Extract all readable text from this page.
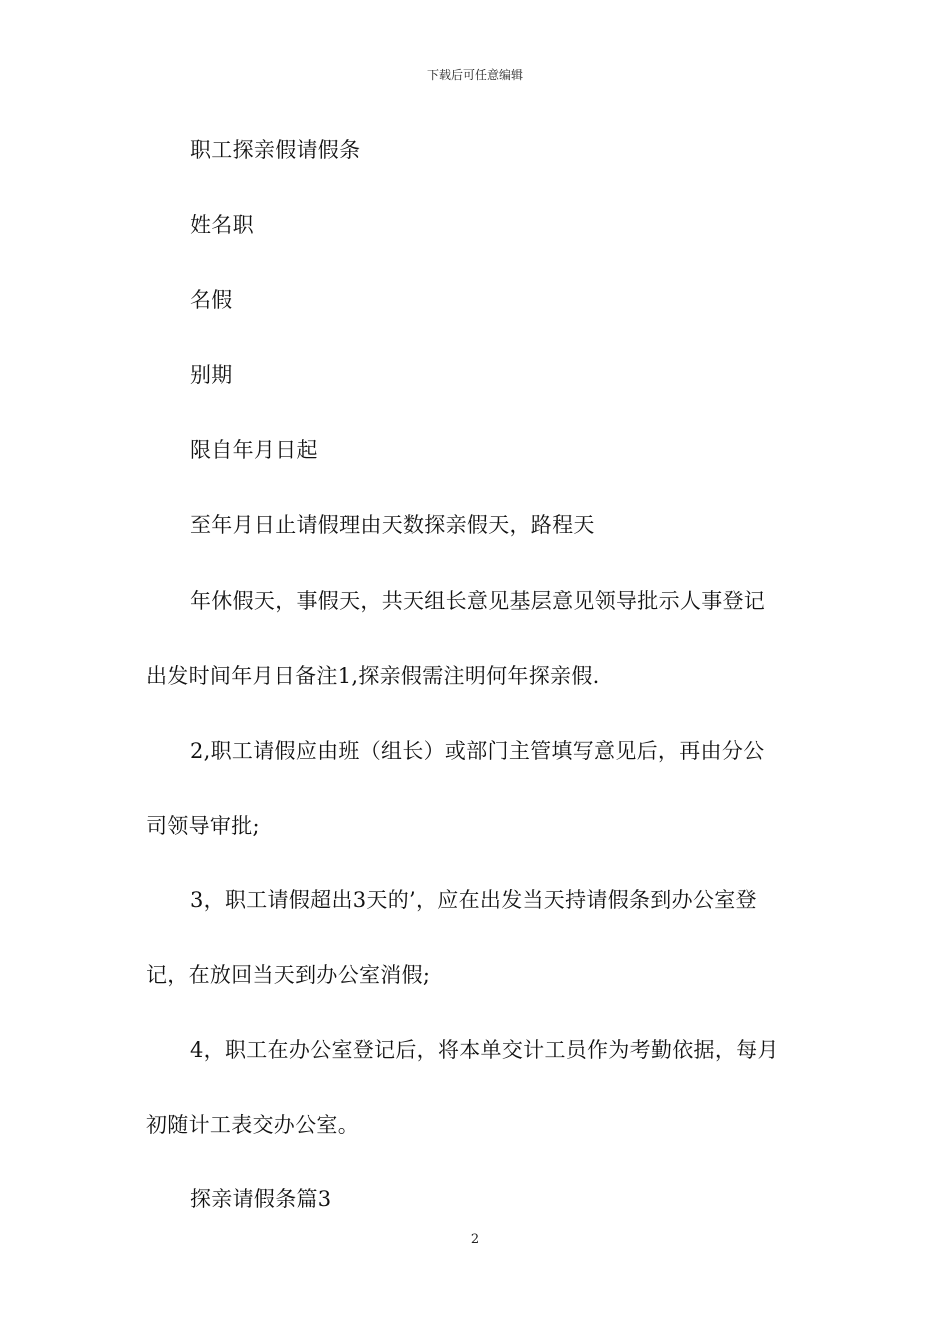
下载后可任意编辑
职工探亲假请假条
姓名职
名假
别期
限自年月日起
至年月日止请假理由天数探亲假天，路程天
年休假天，事假天，共天组长意见基层意见领导批示人事登记
出发时间年月日备注1,探亲假需注明何年探亲假.
2,职工请假应由班（组长）或部门主管填写意见后，再由分公
司领导审批;
3，职工请假超出3天的’，应在出发当天持请假条到办公室登
记，在放回当天到办公室消假;
4，职工在办公室登记后，将本单交计工员作为考勤依据，每月
初随计工表交办公室。
探亲请假条篇3
2
